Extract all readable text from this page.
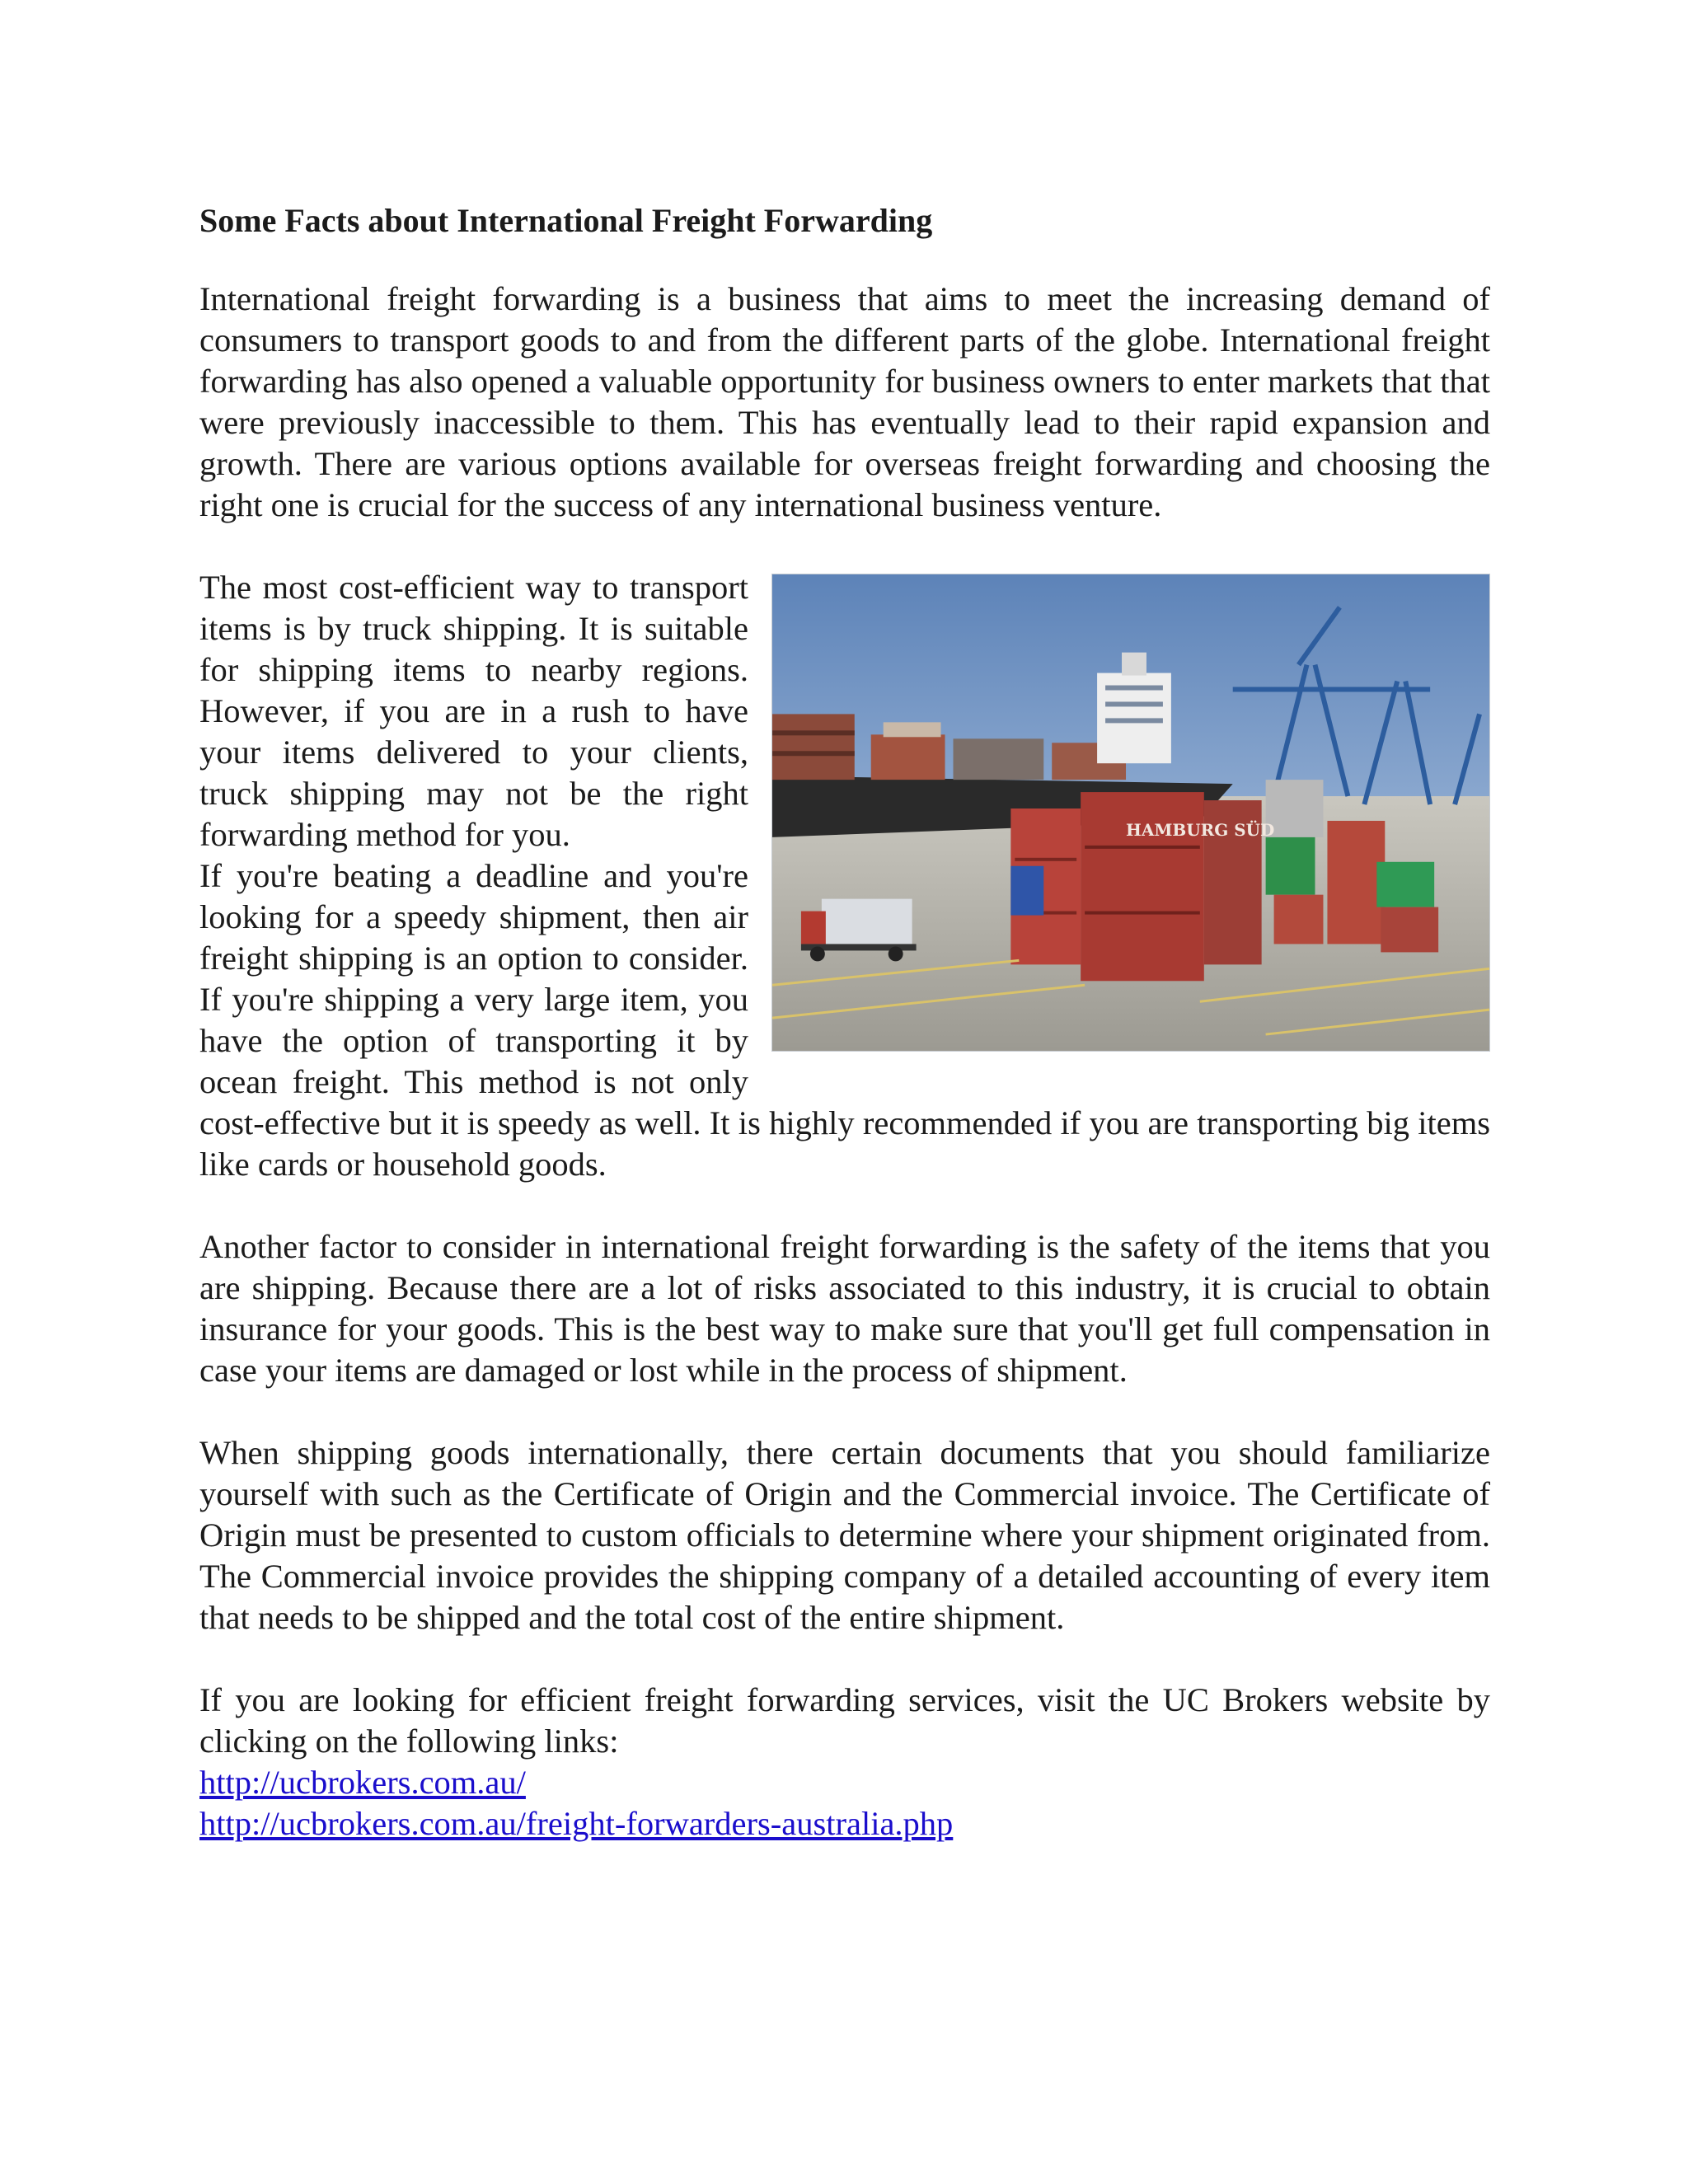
Some Facts about International Freight Forwarding

International freight forwarding is a business that aims to meet the increasing demand of consumers to transport goods to and from the different parts of the globe. International freight forwarding has also opened a valuable opportunity for business owners to enter markets that that were previously inaccessible to them. This has eventually lead to their rapid expansion and growth. There are various options available for overseas freight forwarding and choosing the right one is crucial for the success of any international business venture.

HAMBURG SÜD

The most cost-efficient way to transport items is by truck shipping. It is suitable for shipping items to nearby regions. However, if you are in a rush to have your items delivered to your clients, truck shipping may not be the right forwarding method for you.

If you're beating a deadline and you're looking for a speedy shipment, then air freight shipping is an option to consider. If you're shipping a very large item, you have the option of transporting it by ocean freight. This method is not only cost-effective but it is speedy as well. It is highly recommended if you are transporting big items like cards or household goods.

Another factor to consider in international freight forwarding is the safety of the items that you are shipping. Because there are a lot of risks associated to this industry, it is crucial to obtain insurance for your goods. This is the best way to make sure that you'll get full compensation in case your items are damaged or lost while in the process of shipment.

When shipping goods internationally, there certain documents that you should familiarize yourself with such as the Certificate of Origin and the Commercial invoice. The Certificate of Origin must be presented to custom officials to determine where your shipment originated from. The Commercial invoice provides the shipping company of a detailed accounting of every item that needs to be shipped and the total cost of the entire shipment.

If you are looking for efficient freight forwarding services, visit the UC Brokers website by clicking on the following links:

http://ucbrokers.com.au/
http://ucbrokers.com.au/freight-forwarders-australia.php
